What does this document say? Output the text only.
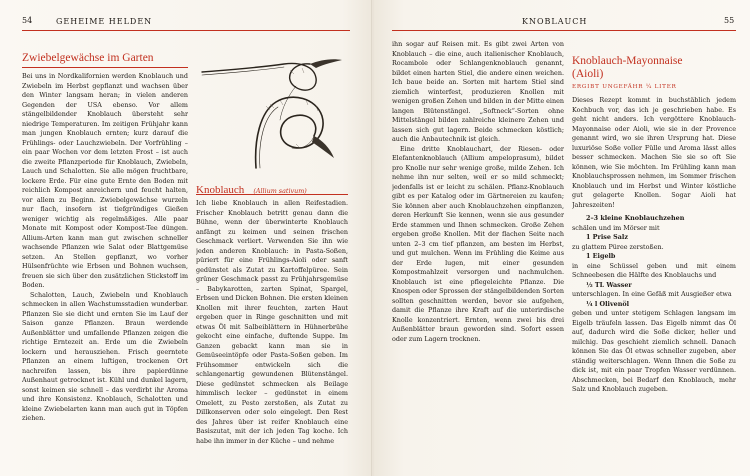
54	GEHEIME HELDEN
Zwiebelgewächse im Garten

Bei uns in Nordkalifornien werden Knoblauch und Zwiebeln im Herbst gepflanzt und wachsen über den Winter langsam heran; in vielen anderen Gegenden der USA ebenso. Vor allem stängelbildender Knoblauch übersteht sehr niedrige Temperaturen. Im zeitigen Frühjahr kann man jungen Knoblauch ernten; kurz darauf die Frühlings- oder Lauchzwiebeln. Der Vorfrühling – ein paar Wochen vor dem letzten Frost – ist auch die zweite Pflanzperiode für Knoblauch, Zwiebeln, Lauch und Schalotten. Sie alle mögen fruchtbare, lockere Erde. Für eine gute Ernte den Boden mit reichlich Kompost anreichern und feucht halten, vor allem zu Beginn. Zwiebelgewächse wurzeln nur flach, insofern ist tiefgründiges Gießen weniger wichtig als regelmäßiges. Alle paar Monate mit Kompost oder Kompost-Tee düngen. Allium-Arten kann man gut zwischen schneller wachsende Pflanzen wie Salat oder Blattgemüse setzen. An Stellen gepflanzt, wo vorher Hülsenfrüchte wie Erbsen und Bohnen wuchsen, freuen sie sich über den zusätzlichen Stickstoff im Boden.

Schalotten, Lauch, Zwiebeln und Knoblauch schmecken in allen Wachstumsstadien wunderbar. Pflanzen Sie sie dicht und ernten Sie im Lauf der Saison ganze Pflanzen. Braun werdende Außenblätter und umfallende Pflanzen zeigen die richtige Erntezeit an. Erde um die Zwiebeln lockern und herausziehen. Frisch geerntete Pflanzen an einem luftigen, trockenen Ort nachreifen lassen, bis ihre papierdünne Außenhaut getrocknet ist. Kühl und dunkel lagern, sonst keimen sie schnell – das verdirbt ihr Aroma und ihre Konsistenz. Knoblauch, Schalotten und kleine Zwiebelarten kann man auch gut in Töpfen ziehen.

Knoblauch (Allium sativum)

Ich liebe Knoblauch in allen Reifestadien. Frischer Knoblauch betritt genau dann die Bühne, wenn der überwinterte Knoblauch anfängt zu keimen und seinen frischen Geschmack verliert. Verwenden Sie ihn wie jeden anderen Knoblauch: in Pasta-Soßen, püriert für eine Frühlings-Aioli oder sanft gedünstet als Zutat zu Kartoffelpüree. Sein grüner Geschmack passt zu Frühjahrsgemüse – Babykarotten, zarten Spinat, Spargel, Erbsen und Dicken Bohnen. Die ersten kleinen Knollen mit ihrer feuchten, zarten Haut ergeben quer in Ringe geschnitten und mit etwas Öl mit Salbeiblättern in Hühnerbrühe gekocht eine einfache, duftende Suppe. Im Ganzen gebackt kann man sie in Gemüseeintöpfe oder Pasta-Soßen geben. Im Frühsommer entwickeln sich die schlangenartig gewundenen Blütenstängel. Diese gedünstet schmecken als Beilage himmlisch lecker – gedünstet in einem Omelett, zu Pesto zerstoßen, als Zutat zu Dillkonserven oder solo eingelegt. Den Rest des Jahres über ist reifer Knoblauch eine Basiszutat, mit der ich jeden Tag koche. Ich habe ihn immer in der Küche – und nehme

KNOBLAUCH	55

ihn sogar auf Reisen mit. Es gibt zwei Arten von Knoblauch – die eine, auch italienischer Knoblauch, Rocambole oder Schlangenknoblauch genannt, bildet einen harten Stiel, die andere einen weichen. Ich baue beide an. Sorten mit hartem Stiel sind ziemlich winterfest, produzieren Knollen mit wenigen großen Zehen und bilden in der Mitte einen langen Blütenstängel. „Softneck“-Sorten ohne Mittelstängel bilden zahlreiche kleinere Zehen und lassen sich gut lagern. Beide schmecken köstlich; auch die Anbautechnik ist gleich.

Eine dritte Knoblauchart, der Riesen- oder Elefantenknoblauch (Allium ampeloprasum), bildet pro Knolle nur sehr wenige große, milde Zehen. Ich nehme ihn nur selten, weil er so mild schmeckt; jedenfalls ist er leicht zu schälen. Pflanz-Knoblauch gibt es per Katalog oder im Gärtnereien zu kaufen; Sie können aber auch Knoblauchzehen einpflanzen, deren Herkunft Sie kennen, wenn sie aus gesunder Erde stammen und Ihnen schmecken. Große Zehen ergeben große Knollen. Mit der flachen Seite nach unten 2–3 cm tief pflanzen, am besten im Herbst, und gut mulchen. Wenn im Frühling die Keime aus der Erde lugen, mit einer gesunden Kompostmahlzeit versorgen und nachmulchen. Knoblauch ist eine pflegeleichte Pflanze. Die Knospen oder Sprossen der stängelbildenden Sorten sollten geschnitten werden, bevor sie aufgehen, damit die Pflanze ihre Kraft auf die unterirdische Knolle konzentriert. Ernten, wenn zwei bis drei Außenblätter braun geworden sind. Sofort essen oder zum Lagern trocknen.

Knoblauch-Mayonnaise
(Aioli)
ERGIBT UNGEFÄHR ¼ LITER

Dieses Rezept kommt in buchstäblich jedem Kochbuch vor, das ich je geschrieben habe. Es geht nicht anders. Ich vergöttere Knoblauch-Mayonnaise oder Aioli, wie sie in der Provence genannt wird, wo sie ihren Ursprung hat. Diese luxuriöse Soße voller Fülle und Aroma lässt alles besser schmecken. Machen Sie sie so oft Sie können, wie Sie möchten. Im Frühling kann man Knoblauchsprossen nehmen, im Sommer frischen Knoblauch und im Herbst und Winter köstliche gut gelagerte Knollen. Sogar Aioli hat Jahreszeiten!

2–3 kleine Knoblauchzehen

schälen und im Mörser mit

1 Prise Salz

zu glattem Püree zerstoßen.

1 Eigelb

in eine Schüssel geben und mit einem Schneebesen die Hälfte des Knoblauchs und

½ TL Wasser

unterschlagen. In eine Gefäß mit Ausgießer etwa

¼ l Olivenöl

geben und unter stetigem Schlagen langsam im Eigelb träufeln lassen. Das Eigelb nimmt das Öl auf, dadurch wird die Soße dicker, heller und milchig. Das geschieht ziemlich schnell. Danach können Sie das Öl etwas schneller zugeben, aber ständig weiterschlagen. Wenn Ihnen die Soße zu dick ist, mit ein paar Tropfen Wasser verdünnen. Abschmecken, bei Bedarf den Knoblauch, mehr Salz und Knoblauch zugeben.
